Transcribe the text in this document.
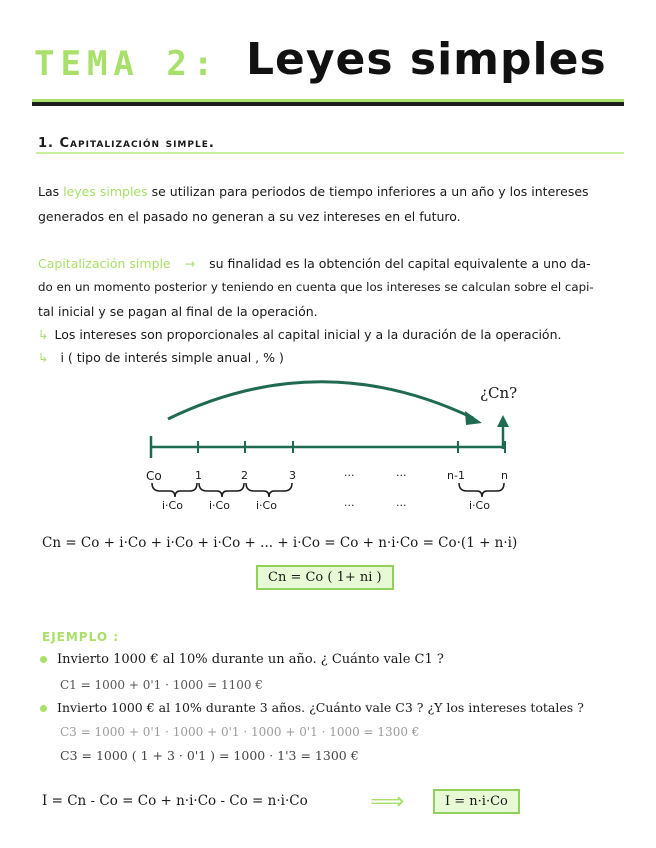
TEMA 2: Leyes simples
1. Capitalización simple.
Las leyes simples se utilizan para periodos de tiempo inferiores a un año y los intereses
generados en el pasado no generan a su vez intereses en el futuro.
Capitalización simple → su finalidad es la obtención del capital equivalente a uno da-
do en un momento posterior y teniendo en cuenta que los intereses se calculan sobre el capi-
tal inicial y se pagan al final de la operación.
↳ Los intereses son proporcionales al capital inicial y a la duración de la operación.
↳ i ( tipo de interés simple anual , % )
¿Cn?
Co	1	2	3	...	...	n-1	n
i·Co i·Co i·Co	...	...	i·Co
Cn = Co + i·Co + i·Co + i·Co + ... + i·Co = Co + n·i·Co = Co·(1 + n·i)
Cn = Co ( 1+ ni )
EJEMPLO :
Invierto 1000 € al 10% durante un año. ¿ Cuánto vale C1 ?
C1 = 1000 + 0'1 · 1000 = 1100 €
Invierto 1000 € al 10% durante 3 años. ¿Cuánto vale C3 ? ¿Y los intereses totales ?
C3 = 1000 + 0'1 · 1000 + 0'1 · 1000 + 0'1 · 1000 = 1300 €
C3 = 1000 ( 1 + 3 · 0'1 ) = 1000 · 1'3 = 1300 €
I = Cn - Co = Co + n·i·Co - Co = n·i·Co	⟹	I = n·i·Co
